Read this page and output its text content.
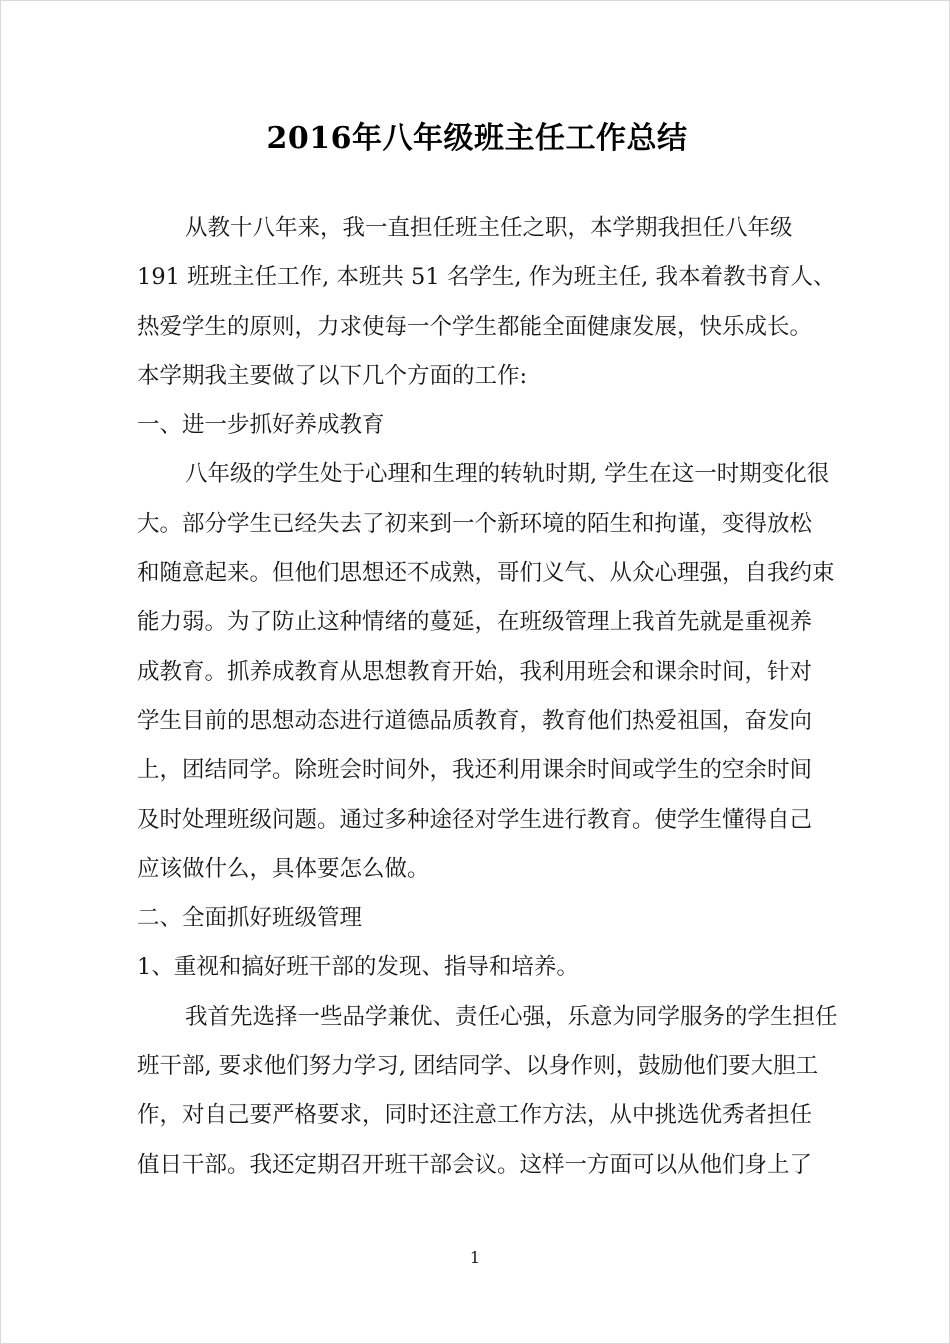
2016年八年级班主任工作总结

从教十八年来，我一直担任班主任之职，本学期我担任八年级

191 班班主任工作, 本班共 51 名学生, 作为班主任, 我本着教书育人、

热爱学生的原则，力求使每一个学生都能全面健康发展，快乐成长。

本学期我主要做了以下几个方面的工作:

一、进一步抓好养成教育

八年级的学生处于心理和生理的转轨时期, 学生在这一时期变化很

大。部分学生已经失去了初来到一个新环境的陌生和拘谨，变得放松

和随意起来。但他们思想还不成熟，哥们义气、从众心理强，自我约束

能力弱。为了防止这种情绪的蔓延，在班级管理上我首先就是重视养

成教育。抓养成教育从思想教育开始，我利用班会和课余时间，针对

学生目前的思想动态进行道德品质教育，教育他们热爱祖国，奋发向

上，团结同学。除班会时间外，我还利用课余时间或学生的空余时间

及时处理班级问题。通过多种途径对学生进行教育。使学生懂得自己

应该做什么，具体要怎么做。

二、全面抓好班级管理

1、重视和搞好班干部的发现、指导和培养。

我首先选择一些品学兼优、责任心强，乐意为同学服务的学生担任

班干部, 要求他们努力学习, 团结同学、以身作则，鼓励他们要大胆工

作，对自己要严格要求，同时还注意工作方法，从中挑选优秀者担任

值日干部。我还定期召开班干部会议。这样一方面可以从他们身上了

1
